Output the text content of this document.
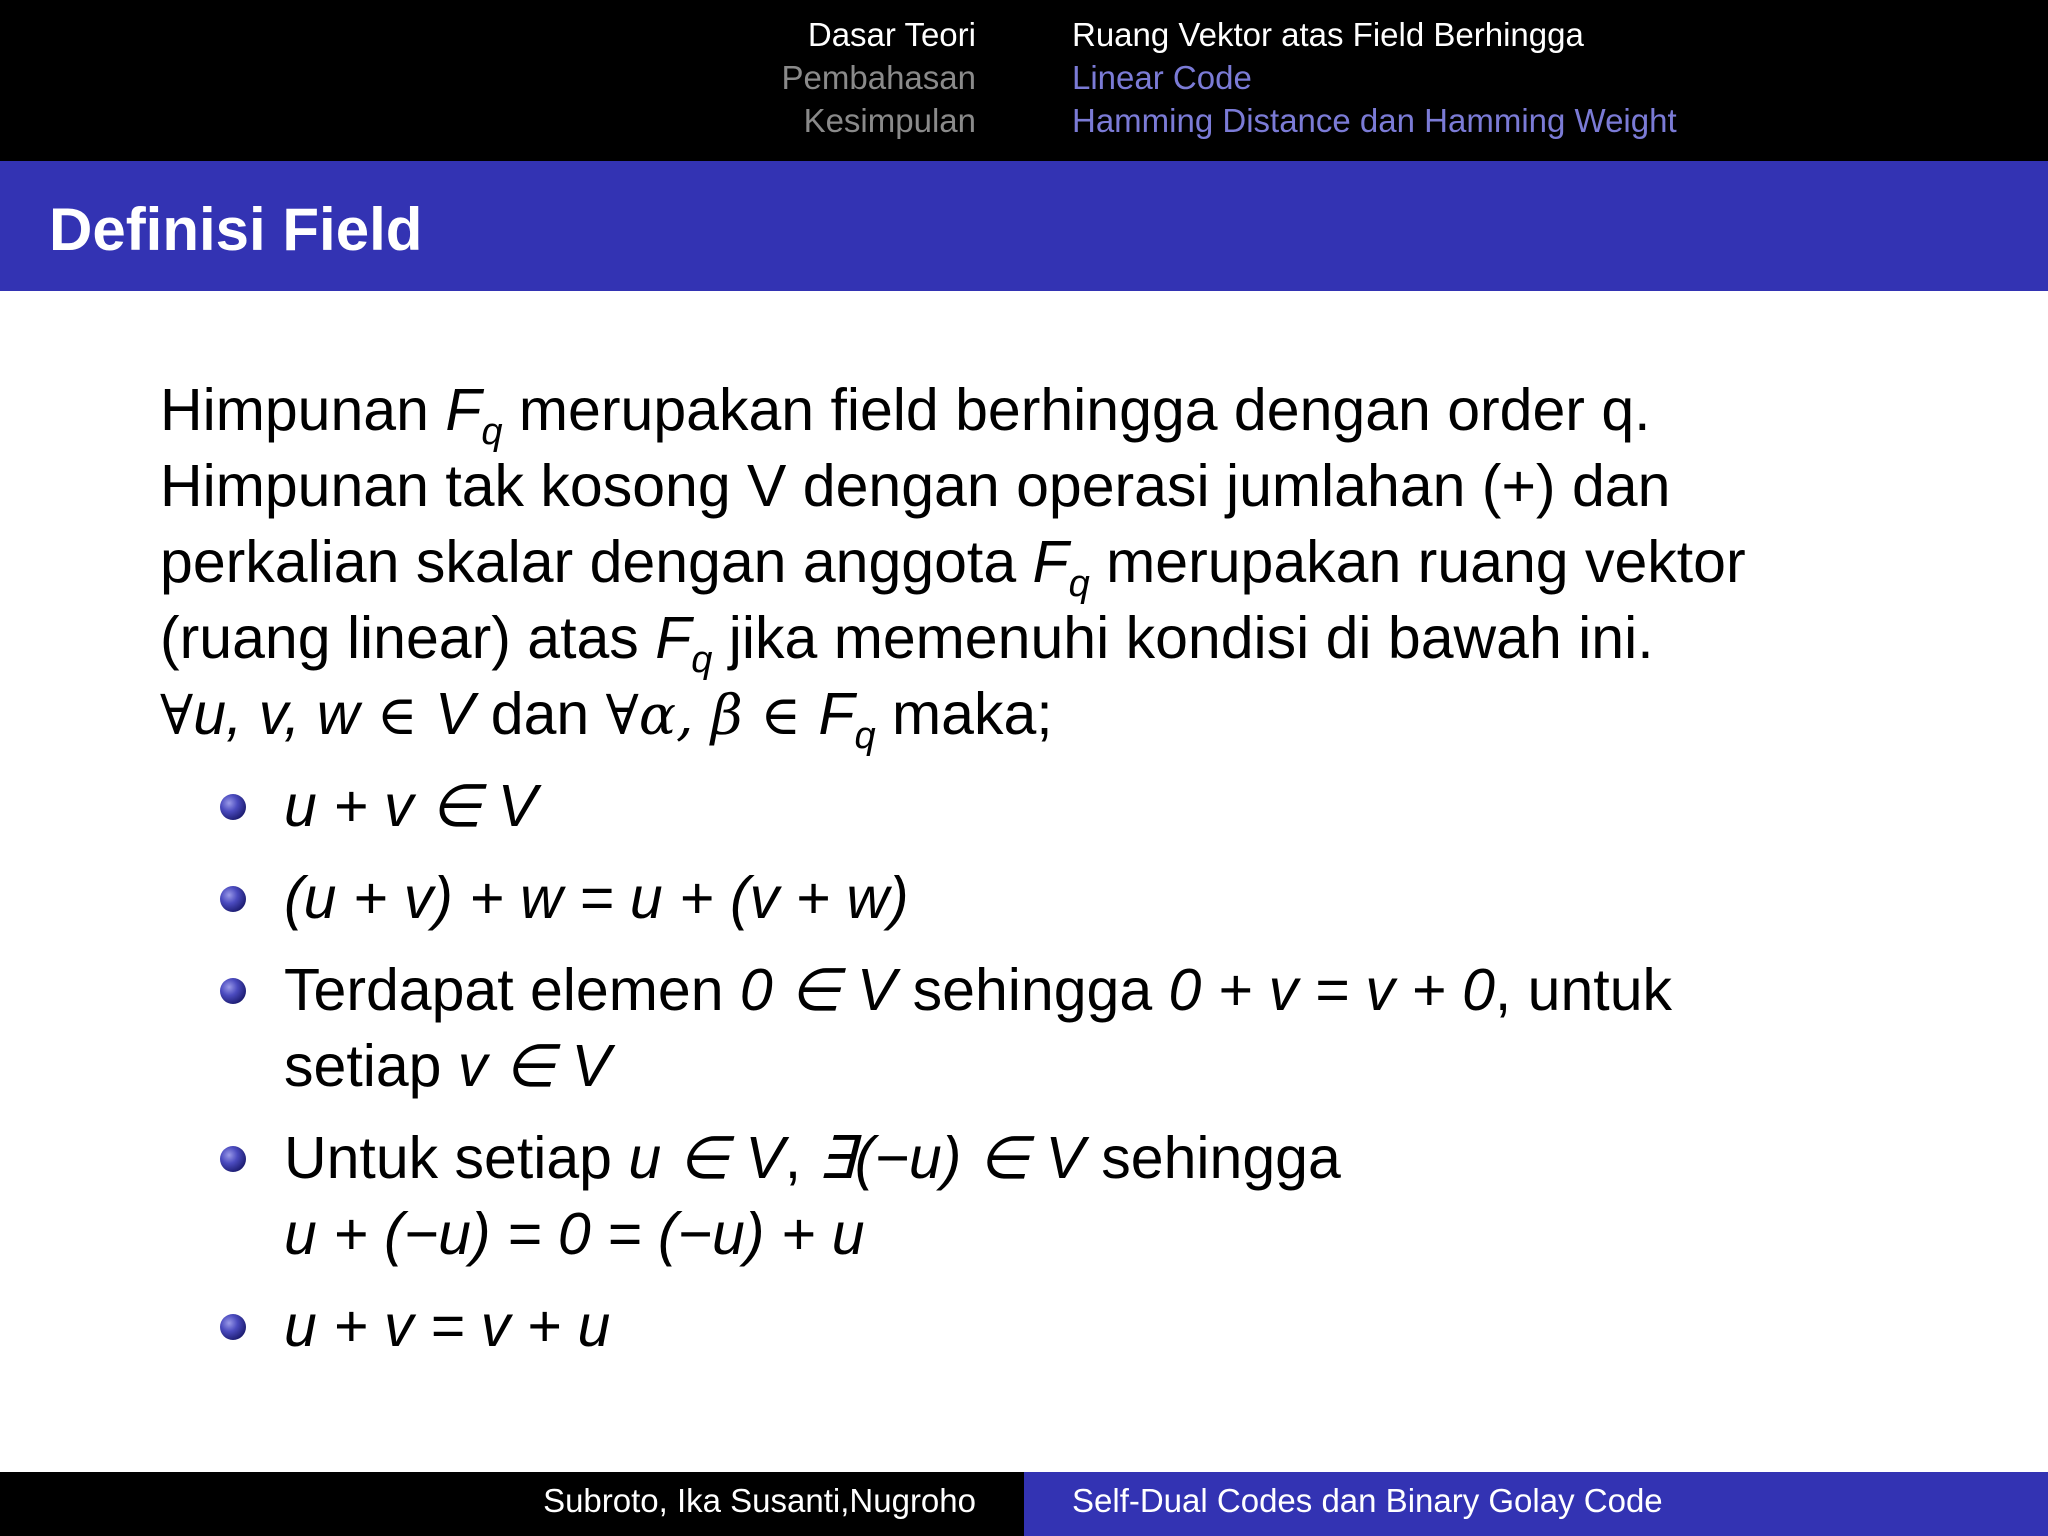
Dasar Teori
Pembahasan
Kesimpulan
Ruang Vektor atas Field Berhingga
Linear Code
Hamming Distance dan Hamming Weight
Definisi Field
Himpunan $F_q$ merupakan field berhingga dengan order q.
Himpunan tak kosong V dengan operasi jumlahan (+) dan
perkalian skalar dengan anggota $F_q$ merupakan ruang vektor
(ruang linear) atas $F_q$ jika memenuhi kondisi di bawah ini.
∀u, v, w ∈ V dan ∀α, β ∈ $F_q$ maka;
u + v ∈ V
(u + v) + w = u + (v + w)
Terdapat elemen 0 ∈ V sehingga 0 + v = v + 0, untuk
setiap v ∈ V
Untuk setiap u ∈ V, ∃(−u) ∈ V sehingga
u + (−u) = 0 = (−u) + u
u + v = v + u
Subroto, Ika Susanti,Nugroho	Self-Dual Codes dan Binary Golay Code
